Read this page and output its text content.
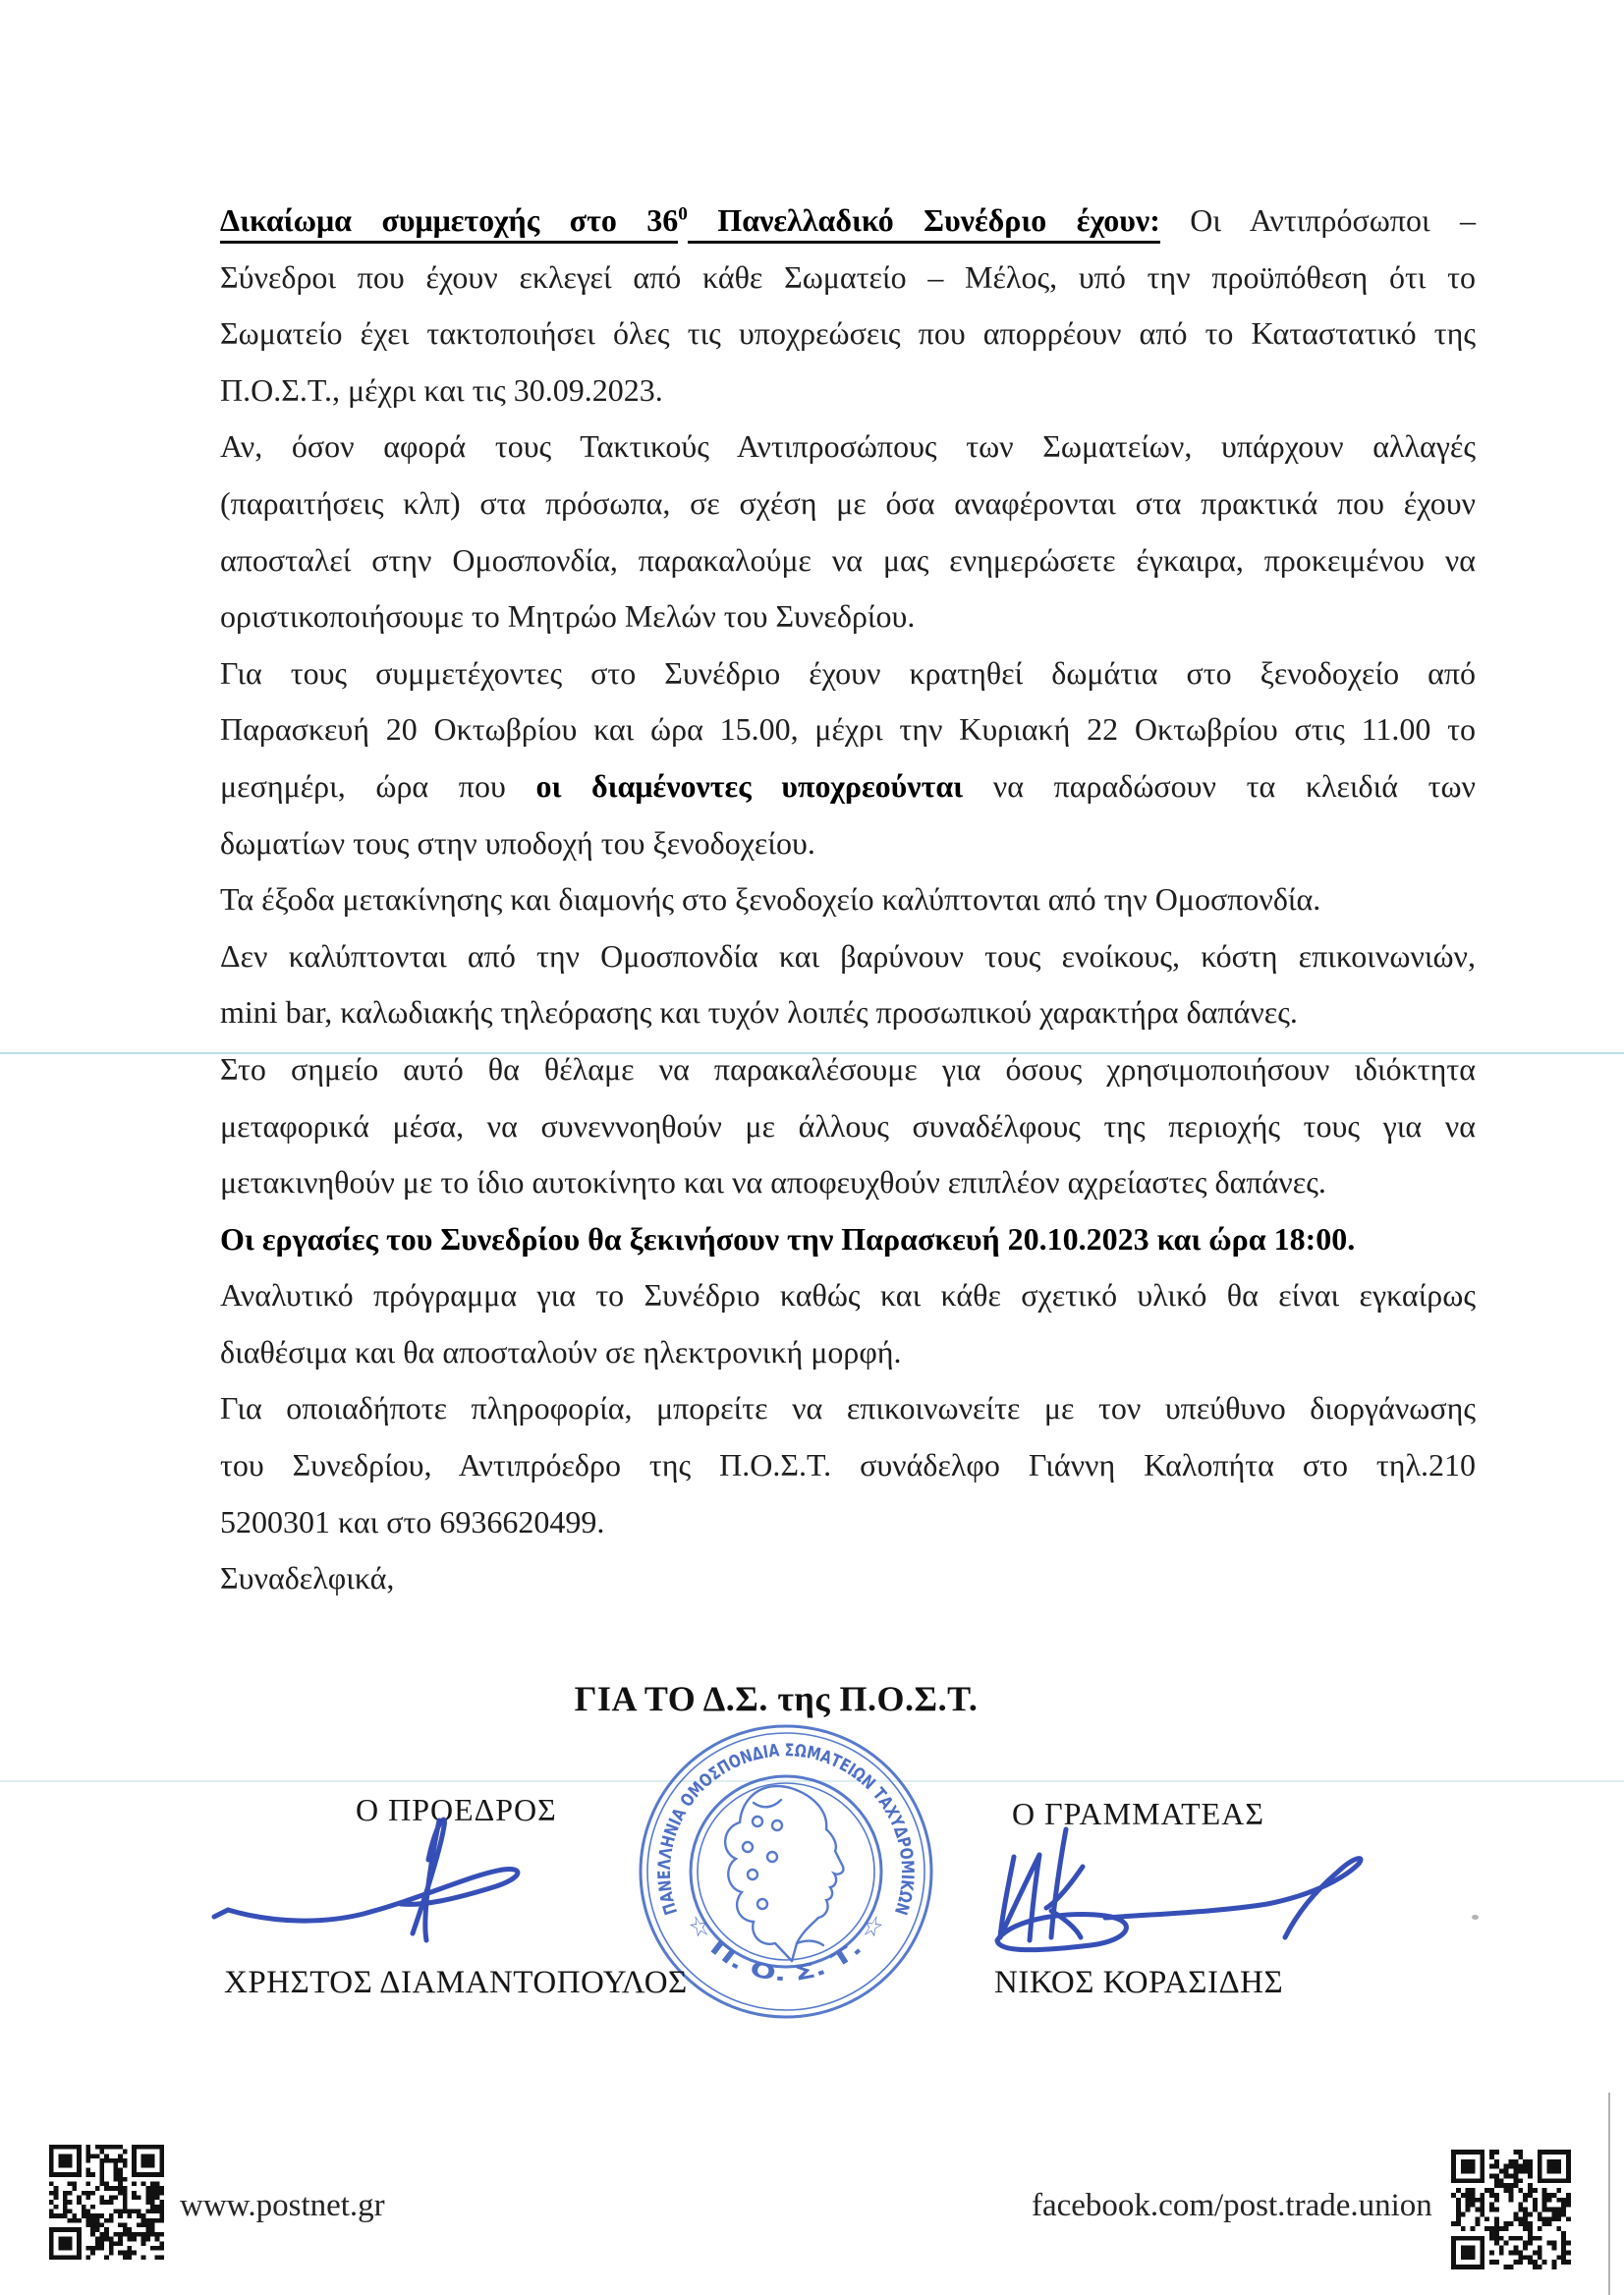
Δικαίωμα συμμετοχής στο $36^0$ Πανελλαδικό Συνέδριο έχουν: Οι Αντιπρόσωποι –
Σύνεδροι που έχουν εκλεγεί από κάθε Σωματείο – Μέλος, υπό την προϋπόθεση ότι το
Σωματείο έχει τακτοποιήσει όλες τις υποχρεώσεις που απορρέουν από το Καταστατικό της
Π.Ο.Σ.Τ., μέχρι και τις 30.09.2023.
Αν, όσον αφορά τους Τακτικούς Αντιπροσώπους των Σωματείων, υπάρχουν αλλαγές
(παραιτήσεις κλπ) στα πρόσωπα, σε σχέση με όσα αναφέρονται στα πρακτικά που έχουν
αποσταλεί στην Ομοσπονδία, παρακαλούμε να μας ενημερώσετε έγκαιρα, προκειμένου να
οριστικοποιήσουμε το Μητρώο Μελών του Συνεδρίου.
Για τους συμμετέχοντες στο Συνέδριο έχουν κρατηθεί δωμάτια στο ξενοδοχείο από
Παρασκευή 20 Οκτωβρίου και ώρα 15.00, μέχρι την Κυριακή 22 Οκτωβρίου στις 11.00 το
μεσημέρι, ώρα που οι διαμένοντες υποχρεούνται να παραδώσουν τα κλειδιά των
δωματίων τους στην υποδοχή του ξενοδοχείου.
Τα έξοδα μετακίνησης και διαμονής στο ξενοδοχείο καλύπτονται από την Ομοσπονδία.
Δεν καλύπτονται από την Ομοσπονδία και βαρύνουν τους ενοίκους, κόστη επικοινωνιών,
mini bar, καλωδιακής τηλεόρασης και τυχόν λοιπές προσωπικού χαρακτήρα δαπάνες.
Στο σημείο αυτό θα θέλαμε να παρακαλέσουμε για όσους χρησιμοποιήσουν ιδιόκτητα
μεταφορικά μέσα, να συνεννοηθούν με άλλους συναδέλφους της περιοχής τους για να
μετακινηθούν με το ίδιο αυτοκίνητο και να αποφευχθούν επιπλέον αχρείαστες δαπάνες.
Οι εργασίες του Συνεδρίου θα ξεκινήσουν την Παρασκευή 20.10.2023 και ώρα 18:00.
Αναλυτικό πρόγραμμα για το Συνέδριο καθώς και κάθε σχετικό υλικό θα είναι εγκαίρως
διαθέσιμα και θα αποσταλούν σε ηλεκτρονική μορφή.
Για οποιαδήποτε πληροφορία, μπορείτε να επικοινωνείτε με τον υπεύθυνο διοργάνωσης
του Συνεδρίου, Αντιπρόεδρο της Π.Ο.Σ.Τ. συνάδελφο Γιάννη Καλοπήτα στο τηλ.210
5200301 και στο 6936620499.
Συναδελφικά,
ΓΙΑ ΤΟ Δ.Σ. της Π.Ο.Σ.Τ.
Ο ΠΡΟΕΔΡΟΣ	Ο ΓΡΑΜΜΑΤΕΑΣ
ΠΑΝΕΛΛΗΝΙΑ ΟΜΟΣΠΟΝΔΙΑ ΣΩΜΑΤΕΙΩΝ ΤΑΧΥΔΡΟΜΙΚΩΝ
☆ Π. Ο. Σ. Τ. ☆
ΧΡΗΣΤΟΣ ΔΙΑΜΑΝΤΟΠΟΥΛΟΣ	ΝΙΚΟΣ ΚΟΡΑΣΙΔΗΣ
www.postnet.gr	facebook.com/post.trade.union
